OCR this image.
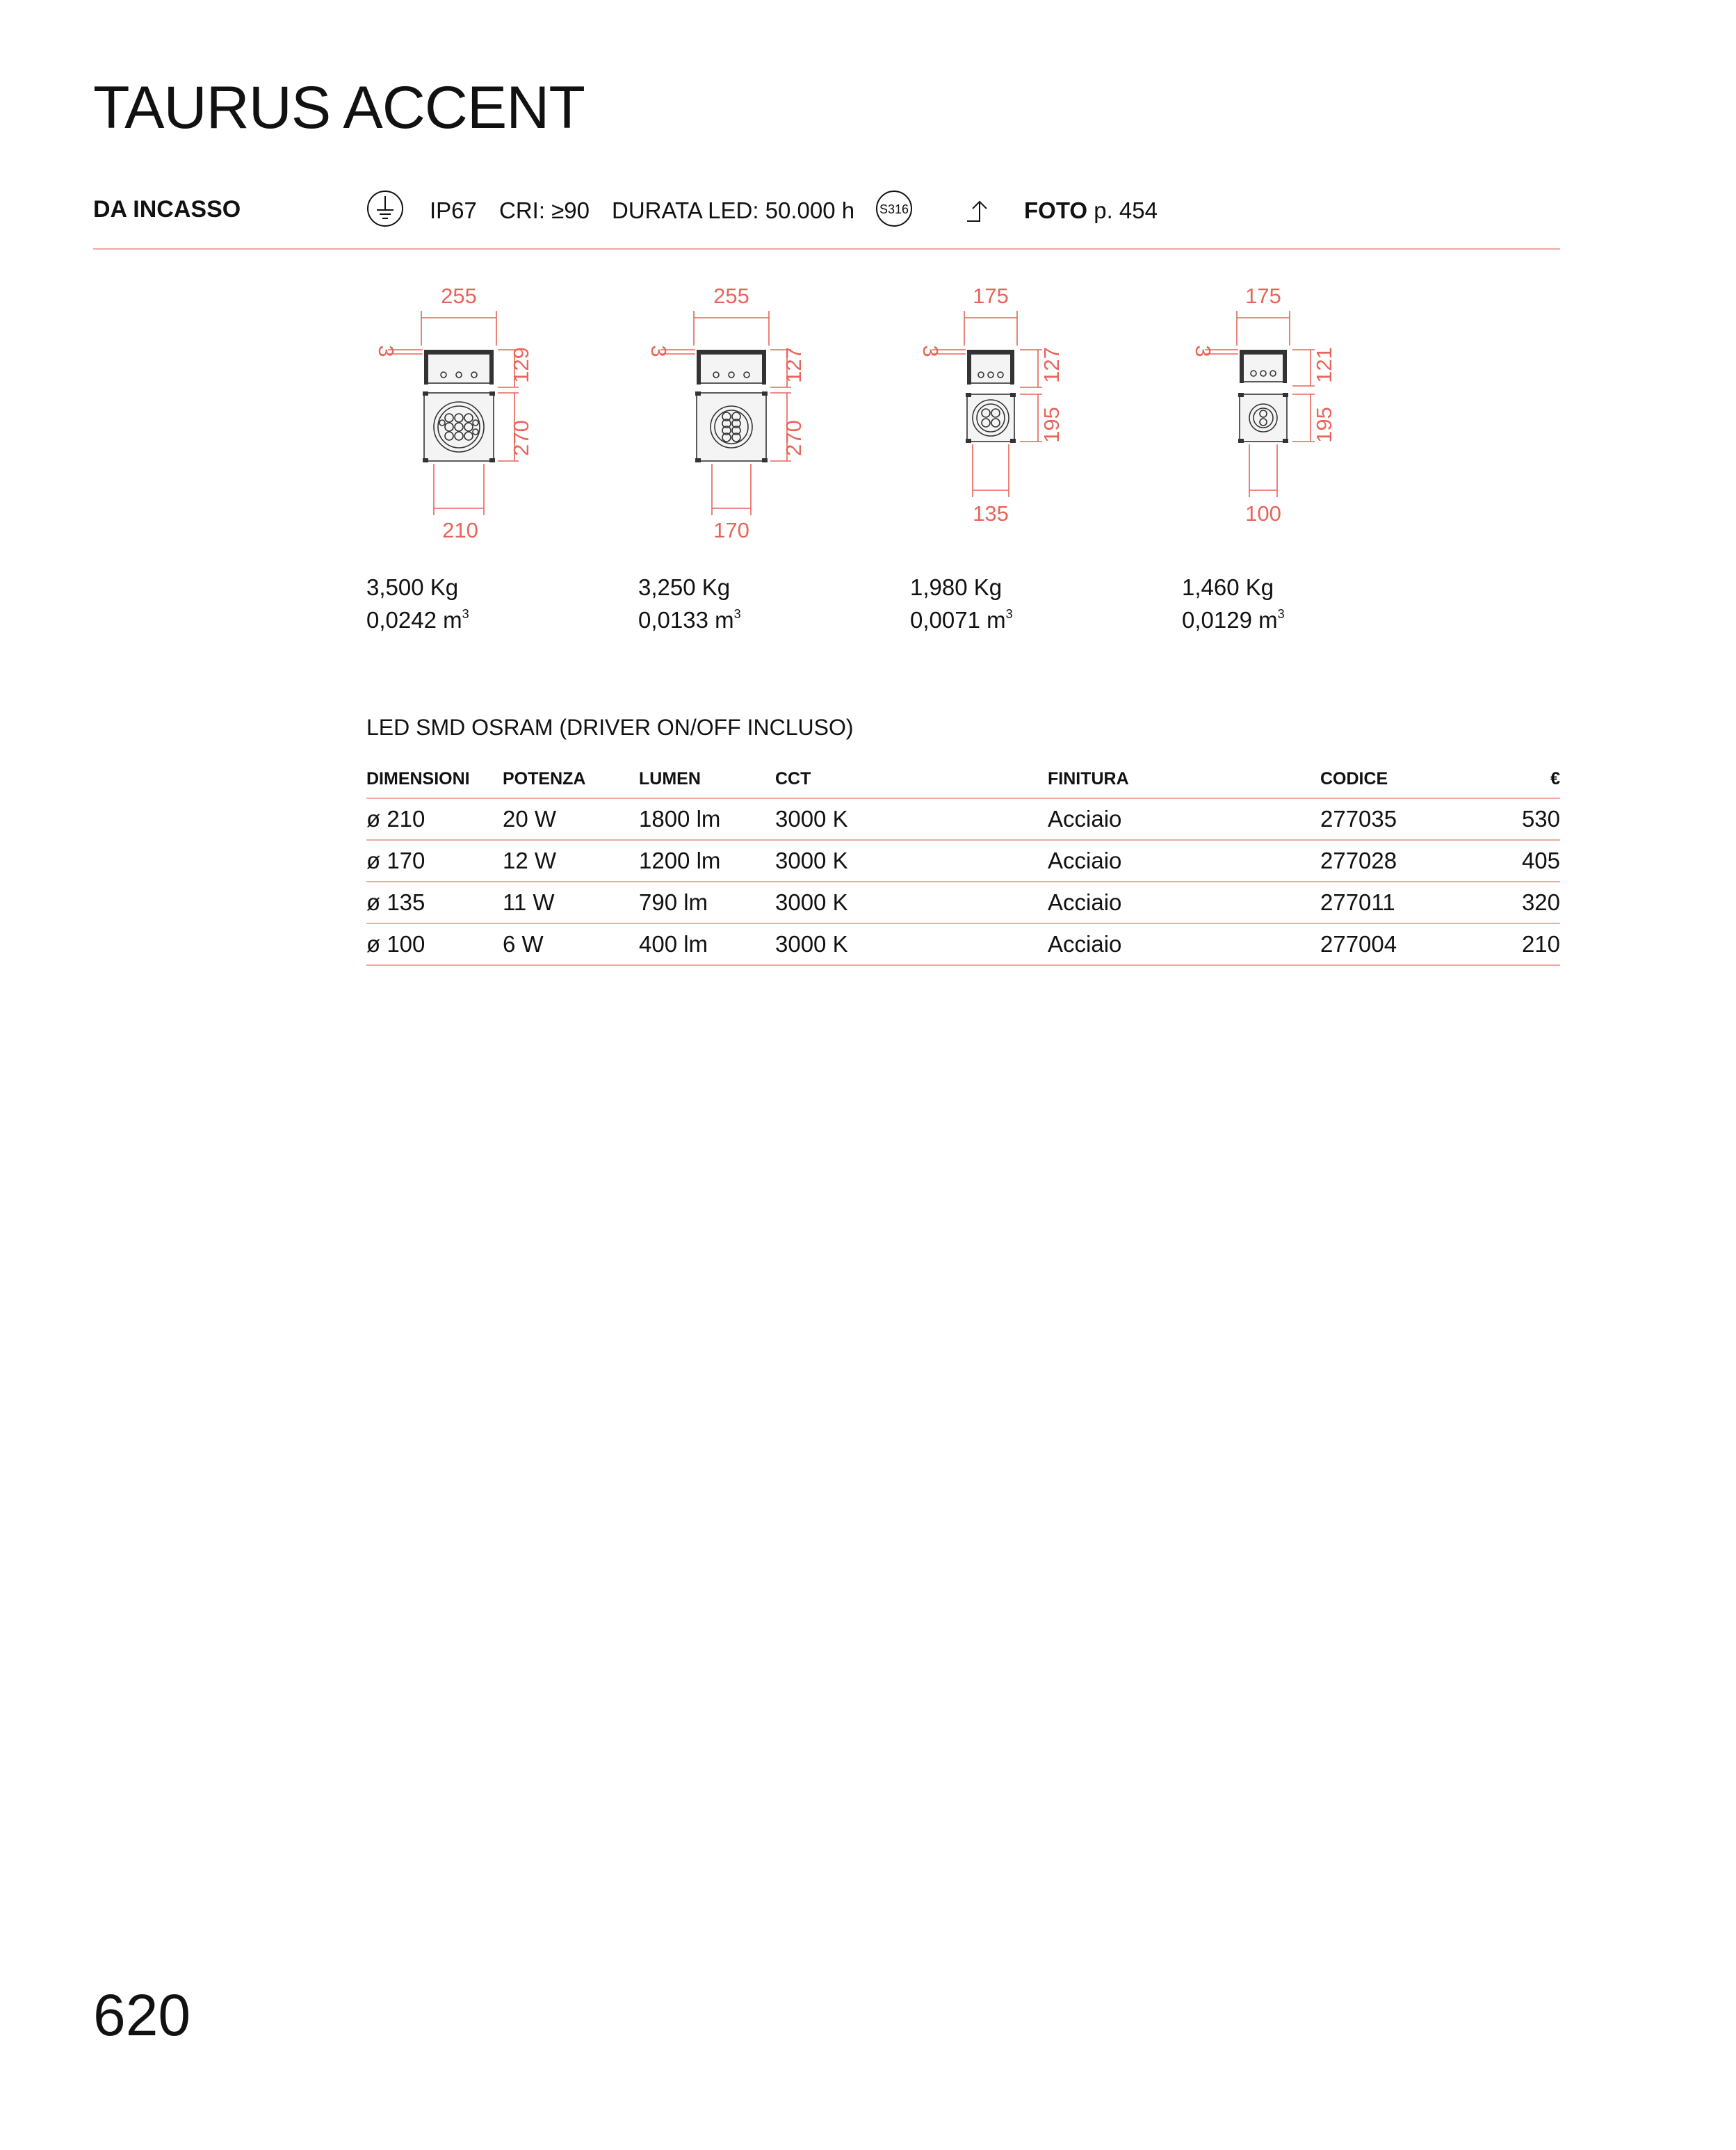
TAURUS ACCENT
DA INCASSO	IP67 CRI: ≥90 DURATA LED: 50.000 h S316	FOTO p. 454
255
3	129
270
210
255
3	127
270
170
175
3	127
195
135
175
3	121
195
100
3,500 Kg
0,0242 $m^3$
3,250 Kg
0,0133 $m^3$
1,980 Kg
0,0071 $m^3$
1,460 Kg
0,0129 $m^3$
LED SMD OSRAM (DRIVER ON/OFF INCLUSO)
DIMENSIONI	POTENZA	LUMEN	CCT	FINITURA	CODICE	€
ø 210	20 W	1800 lm	3000 K	Acciaio	277035	530
ø 170	12 W	1200 lm	3000 K	Acciaio	277028	405
ø 135	11 W	790 lm	3000 K	Acciaio	277011	320
ø 100	6 W	400 lm	3000 K	Acciaio	277004	210
620
